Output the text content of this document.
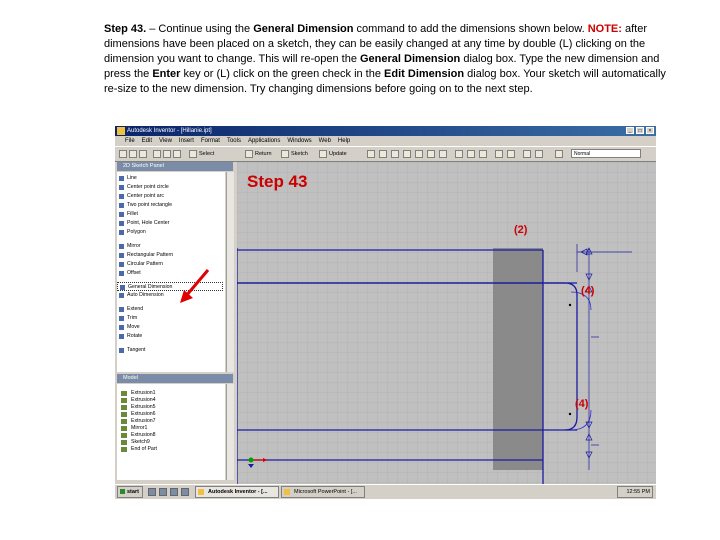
Step 43. – Continue using the General Dimension command to add the dimensions shown below. NOTE: after dimensions have been placed on a sketch, they can be easily changed at any time by double (L) clicking on the dimension you want to change. This will re-open the General Dimension dialog box. Type the new dimension and press the Enter key or (L) click on the green check in the Edit Dimension dialog box. Your sketch will automatically re-size to the new dimension. Try changing dimensions before going on to the next step.
Autodesk Inventor - [Hillanie.ipt]	_	□	×
File Edit View Insert Format Tools Applications Windows Web Help
Select	Return	Sketch	Update	Normal
2D Sketch Panel
Line
Center point circle
Center point arc
Two point rectangle
Fillet
Point, Hole Center
Polygon
Mirror
Rectangular Pattern
Circular Pattern
Offset
General Dimension
Auto Dimension
Extend
Trim
Move
Rotate
Tangent
Model
Extrusion1
Extrusion4
Extrusion5
Extrusion6
Extrusion7
Mirror1
Extrusion8
Sketch9
End of Part
Step 43
(2)
(4)
(4)
start	Autodesk Inventor - [...	Microsoft PowerPoint - [...	12:55 PM
